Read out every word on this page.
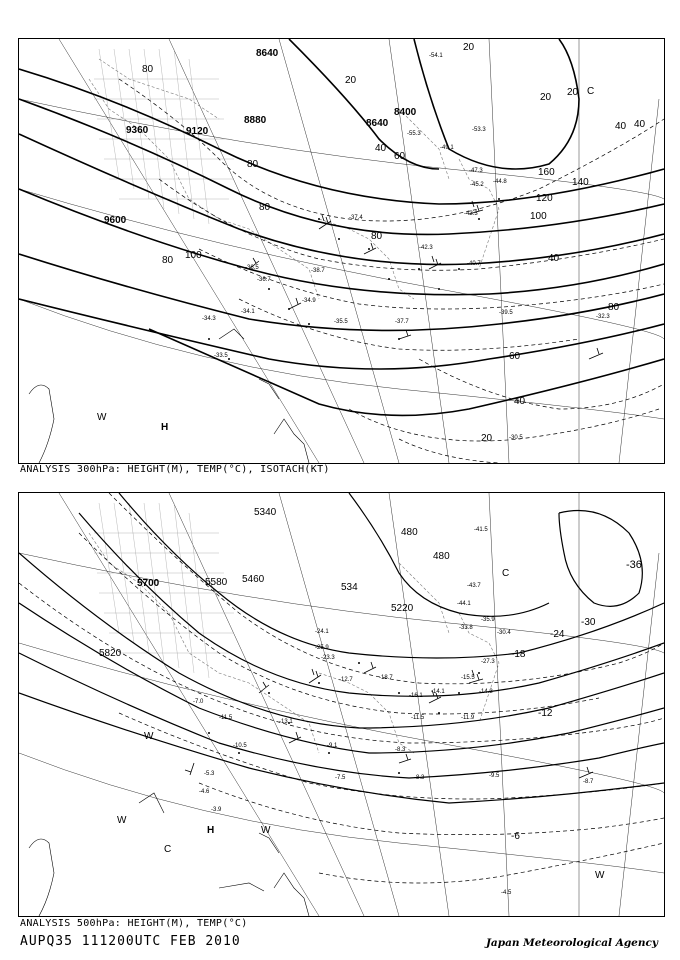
8640
9360	9120
8880
8400
8640
9600
20
80
20
40
60
40
80
80
80 100
80
120
140
160
100
40
80
60
40
20
40
20
20
-54.1
-55.3
-53.3
-49.1
-47.3
-45.2 -44.8
-43.3
-42.3
-40.7
-37.7
-36.5
-34.9
-35.5
-34.3
-39.5
-33.5
-30.5
-37.4
-38.7
-36.7
-34.1
-32.3
H
W
C
ANALYSIS 300hPa: HEIGHT(M), TEMP(°C), ISOTACH(KT)
5340
5700	5580 5460
5820
534
5220
480
480
-36
-30
-24
-18
-12
-6
-41.5
-43.7
-44.1
-35.9
-33.8
-30.4
-27.3
-24.1
-25.9
-23.3
-18.7
-16.1
-14.1
-15.5
-11.5	-11.9
-14.3
-9.1
-8.3
-8.3
-7.5	-9.5
-8.7
-4.5
-5.3
-3.9
-4.6
-7.0
-11.5
-10.5
-13.1
-12.7
C
W
W
H	W
C
W
ANALYSIS 500hPa: HEIGHT(M), TEMP(°C)
AUPQ35 111200UTC FEB 2010	Japan Meteorological Agency
